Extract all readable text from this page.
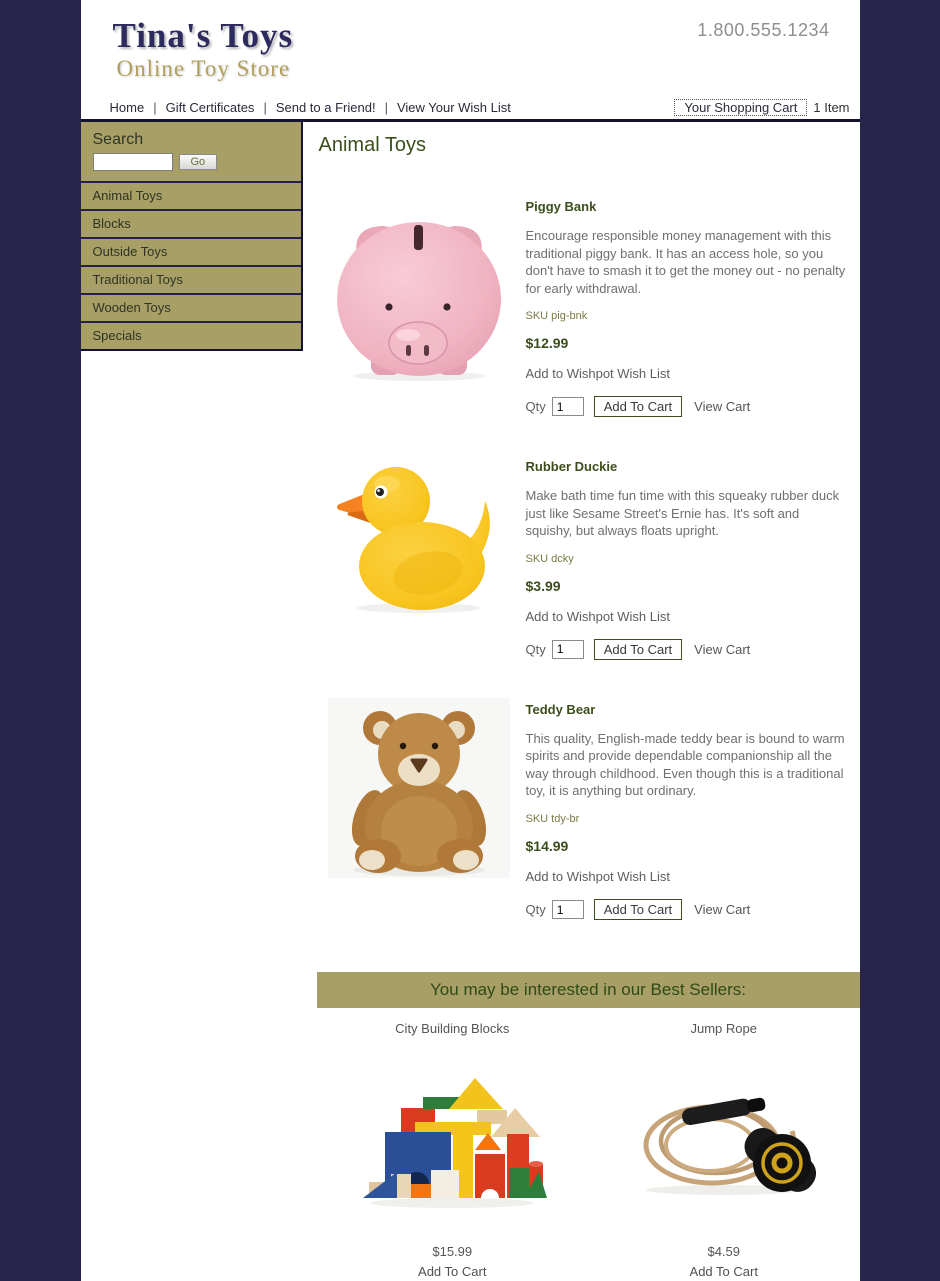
Tina's Toys
Online Toy Store
1.800.555.1234
Home | Gift Certificates | Send to a Friend! | View Your Wish List	Your Shopping Cart	1 Item
Search
Go
Animal Toys
Blocks
Outside Toys
Traditional Toys
Wooden Toys
Specials
Animal Toys
Piggy Bank
Encourage responsible money management with this traditional piggy bank. It has an access hole, so you don't have to smash it to get the money out - no penalty for early withdrawal.
SKU pig-bnk
$12.99
Add to Wishpot Wish List
Qty
1	Add To Cart	View Cart
Rubber Duckie
Make bath time fun time with this squeaky rubber duck just like Sesame Street's Ernie has. It's soft and squishy, but always floats upright.
SKU dcky
$3.99
Add to Wishpot Wish List
Qty
1	Add To Cart	View Cart
Teddy Bear
This quality, English-made teddy bear is bound to warm spirits and provide dependable companionship all the way through childhood. Even though this is a traditional toy, it is anything but ordinary.
SKU tdy-br
$14.99
Add to Wishpot Wish List
Qty
1	Add To Cart	View Cart
You may be interested in our Best Sellers:
City Building Blocks
$15.99
Add To Cart
Jump Rope
$4.59
Add To Cart
